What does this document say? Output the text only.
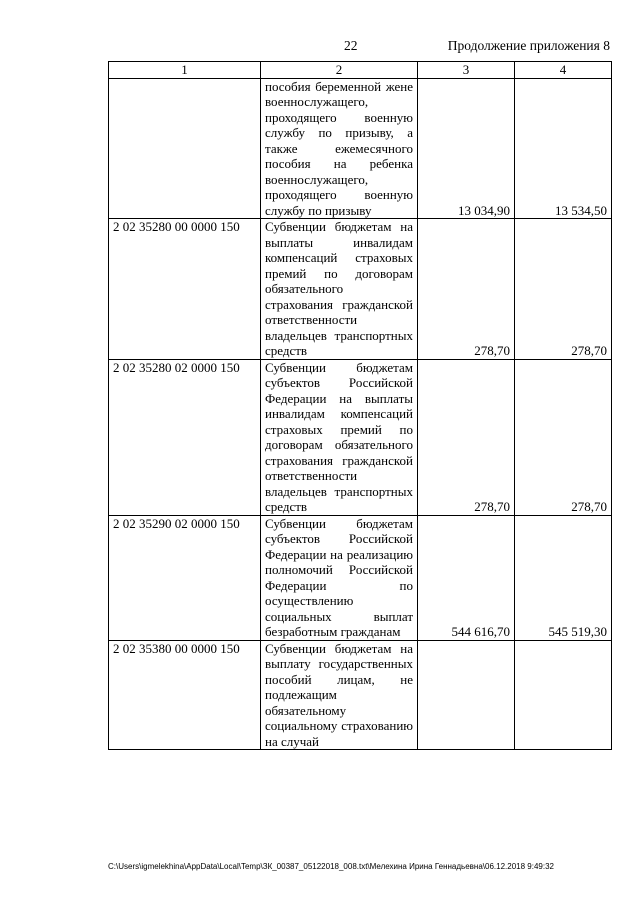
22	Продолжение приложения 8
1	2	3	4
	пособия беременной жене военнослужащего, проходящего военную службу по призыву, а также ежемесячного пособия на ребенка военнослужащего, проходящего военную службу по призыву	13 034,90	13 534,50
2 02 35280 00 0000 150	Субвенции бюджетам на выплаты инвалидам компенсаций страховых премий по договорам обязательного страхования гражданской ответственности владельцев транспортных средств	278,70	278,70
2 02 35280 02 0000 150	Субвенции бюджетам субъектов Российской Федерации на выплаты инвалидам компенсаций страховых премий по договорам обязательного страхования гражданской ответственности владельцев транспортных средств	278,70	278,70
2 02 35290 02 0000 150	Субвенции бюджетам субъектов Российской Федерации на реализацию полномочий Российской Федерации по осуществлению социальных выплат безработным гражданам	544 616,70	545 519,30
2 02 35380 00 0000 150	Субвенции бюджетам на выплату государственных пособий лицам, не подлежащим обязательному социальному страхованию на случай		
C:\Users\igmelekhina\AppData\Local\Temp\ЗК_00387_05122018_008.txt\Мелехина Ирина Геннадьевна\06.12.2018 9:49:32
